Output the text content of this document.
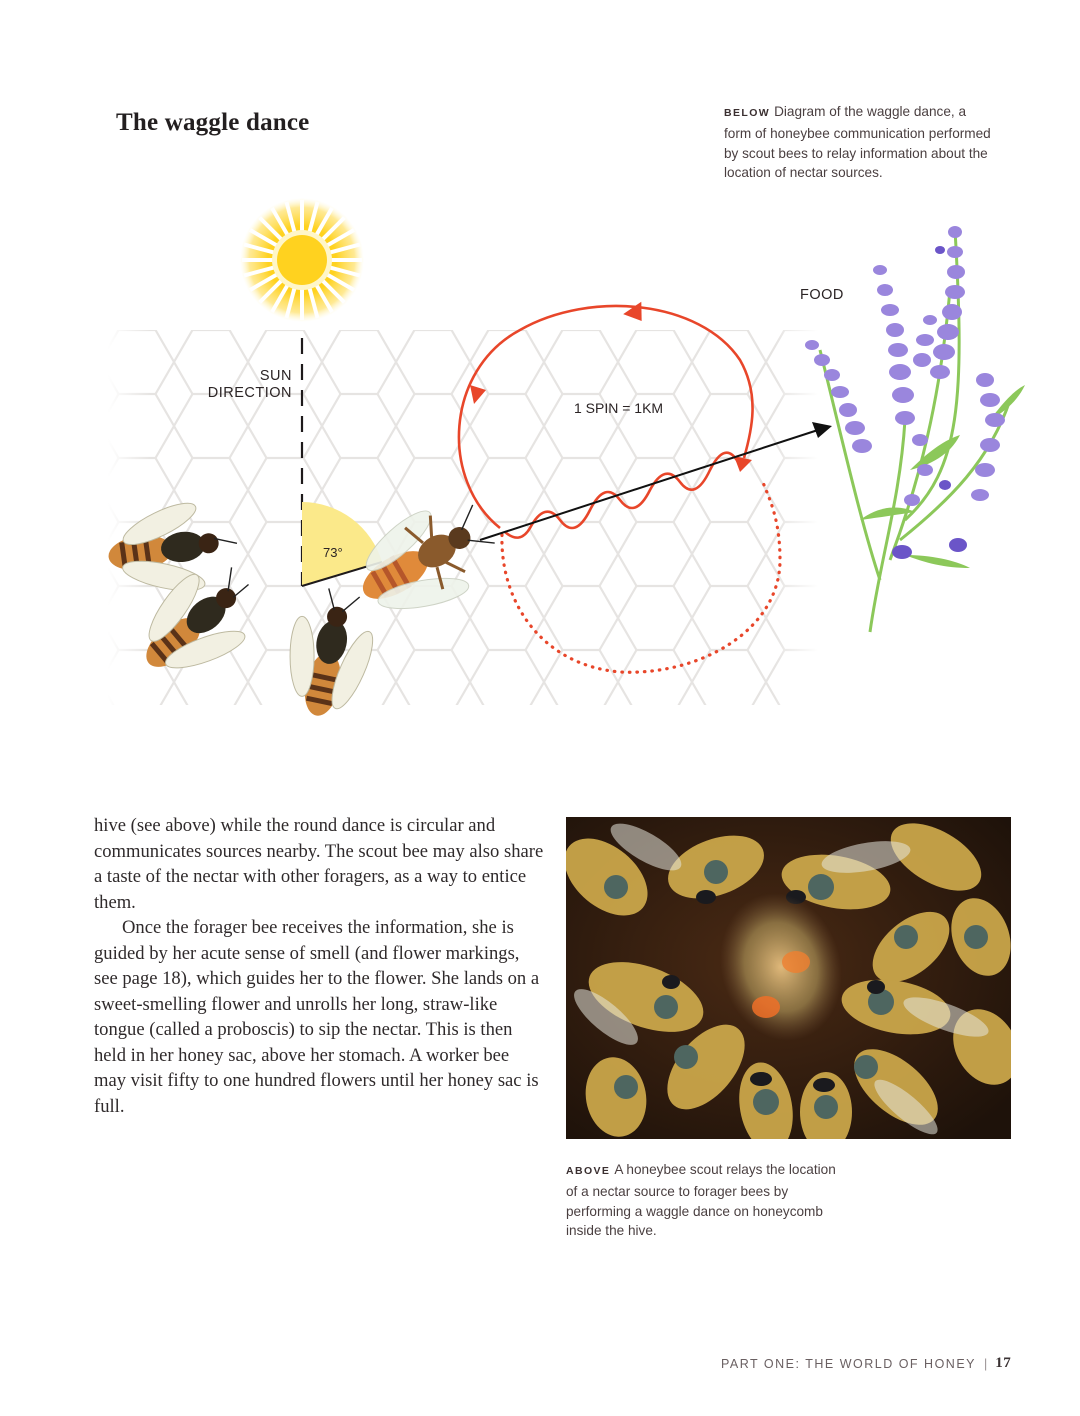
The waggle dance	BELOW Diagram of the waggle dance, a form of honeybee communication performed by scout bees to relay information about the location of nectar sources.
SUN
DIRECTION
73°
1 SPIN = 1KM
FOOD

hive (see above) while the round dance is circular and communicates sources nearby. The scout bee may also share a taste of the nectar with other foragers, as a way to entice them.

Once the forager bee receives the information, she is guided by her acute sense of smell (and flower markings, see page 18), which guides her to the flower. She lands on a sweet-smelling flower and unrolls her long, straw-like tongue (called a proboscis) to sip the nectar. This is then held in her honey sac, above her stomach. A worker bee may visit fifty to one hundred flowers until her honey sac is full.

ABOVE A honeybee scout relays the location of a nectar source to forager bees by performing a waggle dance on honeycomb inside the hive.
PART ONE: THE WORLD OF HONEY | 17
